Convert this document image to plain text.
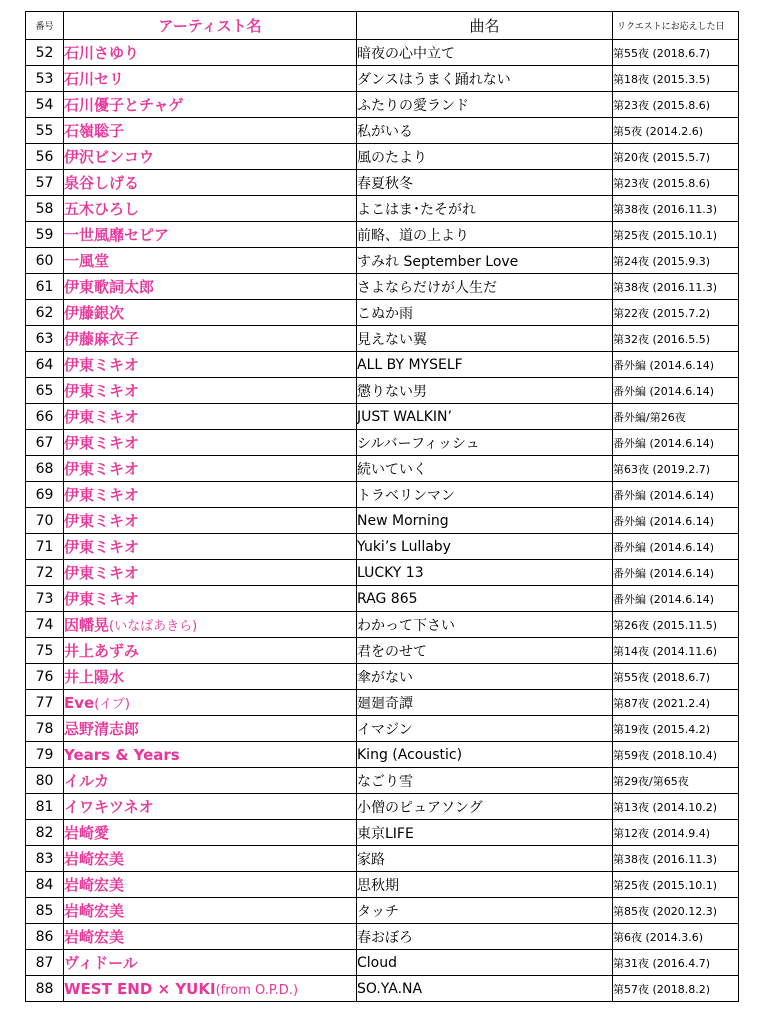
番号	アーティスト名	曲名	リクエストにお応えした日
52	石川さゆり	暗夜の心中立て	第55夜 (2018.6.7)
53	石川セリ	ダンスはうまく踊れない	第18夜 (2015.3.5)
54	石川優子とチャゲ	ふたりの愛ランド	第23夜 (2015.8.6)
55	石嶺聡子	私がいる	第5夜 (2014.2.6)
56	伊沢ビンコウ	風のたより	第20夜 (2015.5.7)
57	泉谷しげる	春夏秋冬	第23夜 (2015.8.6)
58	五木ひろし	よこはま･たそがれ	第38夜 (2016.11.3)
59	一世風靡セピア	前略、道の上より	第25夜 (2015.10.1)
60	一風堂	すみれ September Love	第24夜 (2015.9.3)
61	伊東歌詞太郎	さよならだけが人生だ	第38夜 (2016.11.3)
62	伊藤銀次	こぬか雨	第22夜 (2015.7.2)
63	伊藤麻衣子	見えない翼	第32夜 (2016.5.5)
64	伊東ミキオ	ALL BY MYSELF	番外編 (2014.6.14)
65	伊東ミキオ	懲りない男	番外編 (2014.6.14)
66	伊東ミキオ	JUST WALKIN’	番外編/第26夜
67	伊東ミキオ	シルバーフィッシュ	番外編 (2014.6.14)
68	伊東ミキオ	続いていく	第63夜 (2019.2.7)
69	伊東ミキオ	トラベリンマン	番外編 (2014.6.14)
70	伊東ミキオ	New Morning	番外編 (2014.6.14)
71	伊東ミキオ	Yuki’s Lullaby	番外編 (2014.6.14)
72	伊東ミキオ	LUCKY 13	番外編 (2014.6.14)
73	伊東ミキオ	RAG 865	番外編 (2014.6.14)
74	因幡晃(いなばあきら)	わかって下さい	第26夜 (2015.11.5)
75	井上あずみ	君をのせて	第14夜 (2014.11.6)
76	井上陽水	傘がない	第55夜 (2018.6.7)
77	Eve(イブ)	廻廻奇譚	第87夜 (2021.2.4)
78	忌野清志郎	イマジン	第19夜 (2015.4.2)
79	Years & Years	King (Acoustic)	第59夜 (2018.10.4)
80	イルカ	なごり雪	第29夜/第65夜
81	イワキツネオ	小僧のピュアソング	第13夜 (2014.10.2)
82	岩崎愛	東京LIFE	第12夜 (2014.9.4)
83	岩崎宏美	家路	第38夜 (2016.11.3)
84	岩崎宏美	思秋期	第25夜 (2015.10.1)
85	岩崎宏美	タッチ	第85夜 (2020.12.3)
86	岩崎宏美	春おぼろ	第6夜 (2014.3.6)
87	ヴィドール	Cloud	第31夜 (2016.4.7)
88	WEST END × YUKI(from O.P.D.)	SO.YA.NA	第57夜 (2018.8.2)
